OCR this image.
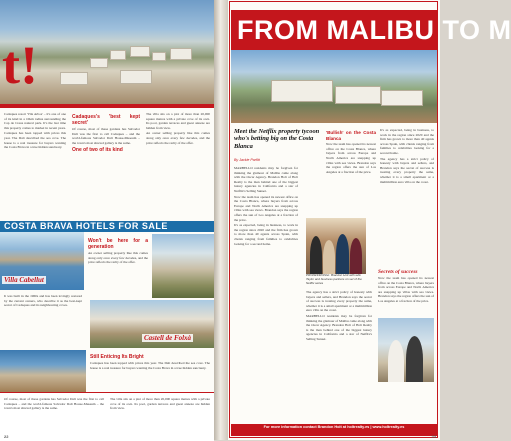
t!

Cadaques resort 'Vila Arbos' – it's one of one of its kind in a 10km radius surrounding the Cap de Creus natural park. It's the last time this property comes to market in recent years.

Cadaques has been topped with prices this year. The Dalí described the sea cove. The house is a real treasure for buyers wanting the Costa Brava in a true hidden sanctuary.

Cadaques's 'best kept secret'

Of course, most of these gardens has Salvador Dalí was the first to call Cadaques – and the world-famous Salvador Dalí House-Museum – the town's most shrewd gallery is the same.

One of two of its kind

The villa sits on a plot of more than 20,000 square metres with a private cove of its own. Its pool, garden terraces and guest annexe are hidden from view.

An owner selling property like this comes along only once every few decades, and the price reflects the rarity of the offer.

COSTA BRAVA HOTELS FOR SALE
Villa Cabellut

It was built in the 1960s and has been lovingly restored by the current owners, who describe it as the best-kept secret of Cadaques and its neighbouring coves.

Won't be here for a generation

An owner selling property like this comes along only once every few decades, and the price reflects the rarity of the offer.

Castell de Folxà
Still Enticing Its Bright

Cadaques has been topped with prices this year. The Dalí described the sea cove. The house is a real treasure for buyers wanting the Costa Brava in a true hidden sanctuary.

Of course, most of these gardens has Salvador Dalí was the first to call Cadaques – and the world-famous Salvador Dalí House-Museum – the town's most shrewd gallery is the same.

The villa sits on a plot of more than 20,000 square metres with a private cove of its own. Its pool, garden terraces and guest annexe are hidden from view.

22
FROM MALIBU TO M
Meet the Netflix property tycoon who's betting big on the Costa Blanca
By Jackie Parfitt

MARBELLO residents may be forgiven for thinking the glamour of Malibu came along with the Oscar Agency. Brandon Holt of Holt Realty is the man behind one of the biggest luxury agencies in California and a star of Netflix's Selling Sunset.

Now the team has opened its newest office on the Costa Blanca, where buyers from across Europe and North America are snapping up villas with sea views. Brandon says the region offers the sun of Los Angeles at a fraction of the price.

It's as expected, being in business, to work in the region since 2020 and the firm has grown to more than 40 agents across Spain, with clients ranging from families to celebrities looking for a second home.

'Bullish' on the Costa Blanca

Now the team has opened its newest office on the Costa Blanca, where buyers from across Europe and North America are snapping up villas with sea views. Brandon says the region offers the sun of Los Angeles at a fraction of the price.

It's as expected, being in business, to work in the region since 2020 and the firm has grown to more than 40 agents across Spain, with clients ranging from families to celebrities looking for a second home.

The agency has a strict policy of honesty with buyers and sellers, and Brandon says the secret of success is treating every property the same, whether it is a small apartment or a multimillion euro villa on the coast.

PROFESSIONAL: Brandon Holt with wife Taylor and business partners on set of the Netflix series

The agency has a strict policy of honesty with buyers and sellers, and Brandon says the secret of success is treating every property the same, whether it is a small apartment or a multimillion euro villa on the coast.

MARBELLO residents may be forgiven for thinking the glamour of Malibu came along with the Oscar Agency. Brandon Holt of Holt Realty is the man behind one of the biggest luxury agencies in California and a star of Netflix's Selling Sunset.

Secrets of success

Now the team has opened its newest office on the Costa Blanca, where buyers from across Europe and North America are snapping up villas with sea views. Brandon says the region offers the sun of Los Angeles at a fraction of the price.

For more information contact Brandon Holt at holtrealty.es | www.holtrealty.es
23
